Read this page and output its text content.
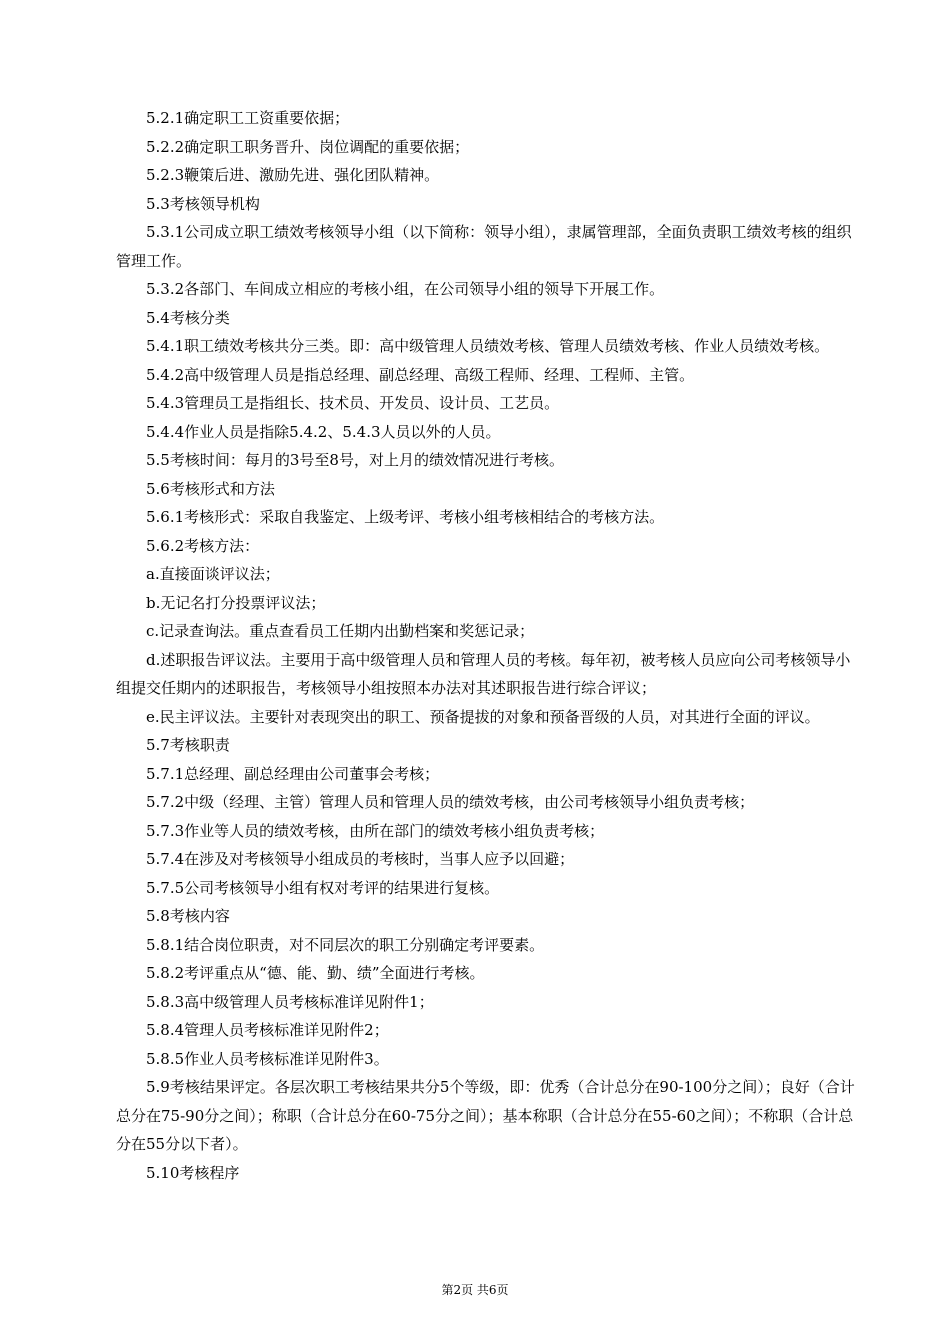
5.2.1确定职工工资重要依据；

5.2.2确定职工职务晋升、岗位调配的重要依据；

5.2.3鞭策后进、激励先进、强化团队精神。

5.3考核领导机构

5.3.1公司成立职工绩效考核领导小组（以下简称：领导小组），隶属管理部，全面负责职工绩效考核的组织管理工作。

5.3.2各部门、车间成立相应的考核小组，在公司领导小组的领导下开展工作。

5.4考核分类

5.4.1职工绩效考核共分三类。即：高中级管理人员绩效考核、管理人员绩效考核、作业人员绩效考核。

5.4.2高中级管理人员是指总经理、副总经理、高级工程师、经理、工程师、主管。

5.4.3管理员工是指组长、技术员、开发员、设计员、工艺员。

5.4.4作业人员是指除5.4.2、5.4.3人员以外的人员。

5.5考核时间：每月的3号至8号，对上月的绩效情况进行考核。

5.6考核形式和方法

5.6.1考核形式：采取自我鉴定、上级考评、考核小组考核相结合的考核方法。

5.6.2考核方法：

a.直接面谈评议法；

b.无记名打分投票评议法；

c.记录查询法。重点查看员工任期内出勤档案和奖惩记录；

d.述职报告评议法。主要用于高中级管理人员和管理人员的考核。每年初，被考核人员应向公司考核领导小组提交任期内的述职报告，考核领导小组按照本办法对其述职报告进行综合评议；

e.民主评议法。主要针对表现突出的职工、预备提拔的对象和预备晋级的人员，对其进行全面的评议。

5.7考核职责

5.7.1总经理、副总经理由公司董事会考核；

5.7.2中级（经理、主管）管理人员和管理人员的绩效考核，由公司考核领导小组负责考核；

5.7.3作业等人员的绩效考核，由所在部门的绩效考核小组负责考核；

5.7.4在涉及对考核领导小组成员的考核时，当事人应予以回避；

5.7.5公司考核领导小组有权对考评的结果进行复核。

5.8考核内容

5.8.1结合岗位职责，对不同层次的职工分别确定考评要素。

5.8.2考评重点从“德、能、勤、绩”全面进行考核。

5.8.3高中级管理人员考核标准详见附件1；

5.8.4管理人员考核标准详见附件2；

5.8.5作业人员考核标准详见附件3。

5.9考核结果评定。各层次职工考核结果共分5个等级，即：优秀（合计总分在90-100分之间）；良好（合计总分在75-90分之间）；称职（合计总分在60-75分之间）；基本称职（合计总分在55-60之间）；不称职（合计总分在55分以下者）。

5.10考核程序

第2页 共6页
